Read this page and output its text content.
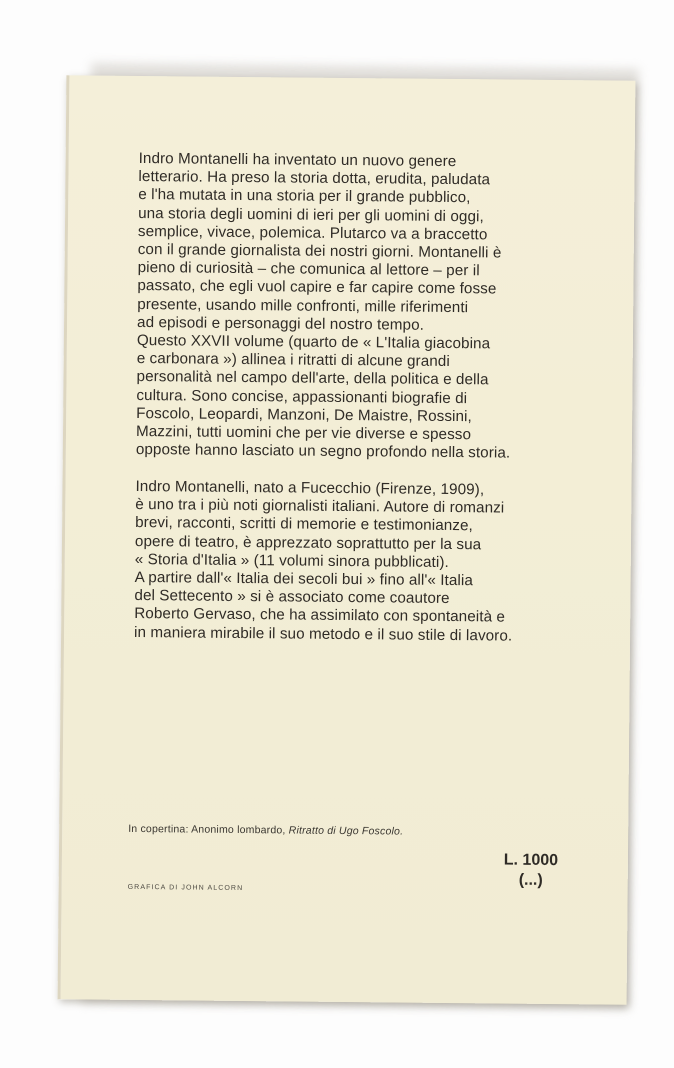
Indro Montanelli ha inventato un nuovo genere
letterario. Ha preso la storia dotta, erudita, paludata
e l'ha mutata in una storia per il grande pubblico,
una storia degli uomini di ieri per gli uomini di oggi,
semplice, vivace, polemica. Plutarco va a braccetto
con il grande giornalista dei nostri giorni. Montanelli è
pieno di curiosità – che comunica al lettore – per il
passato, che egli vuol capire e far capire come fosse
presente, usando mille confronti, mille riferimenti
ad episodi e personaggi del nostro tempo.
Questo XXVII volume (quarto de « L'Italia giacobina
e carbonara ») allinea i ritratti di alcune grandi
personalità nel campo dell'arte, della politica e della
cultura. Sono concise, appassionanti biografie di
Foscolo, Leopardi, Manzoni, De Maistre, Rossini,
Mazzini, tutti uomini che per vie diverse e spesso
opposte hanno lasciato un segno profondo nella storia.

Indro Montanelli, nato a Fucecchio (Firenze, 1909),
è uno tra i più noti giornalisti italiani. Autore di romanzi
brevi, racconti, scritti di memorie e testimonianze,
opere di teatro, è apprezzato soprattutto per la sua
« Storia d'Italia » (11 volumi sinora pubblicati).
A partire dall'« Italia dei secoli bui » fino all'« Italia
del Settecento » si è associato come coautore
Roberto Gervaso, che ha assimilato con spontaneità e
in maniera mirabile il suo metodo e il suo stile di lavoro.

In copertina: Anonimo lombardo, Ritratto di Ugo Foscolo.
L. 1000
(...)
GRAFICA DI JOHN ALCORN
